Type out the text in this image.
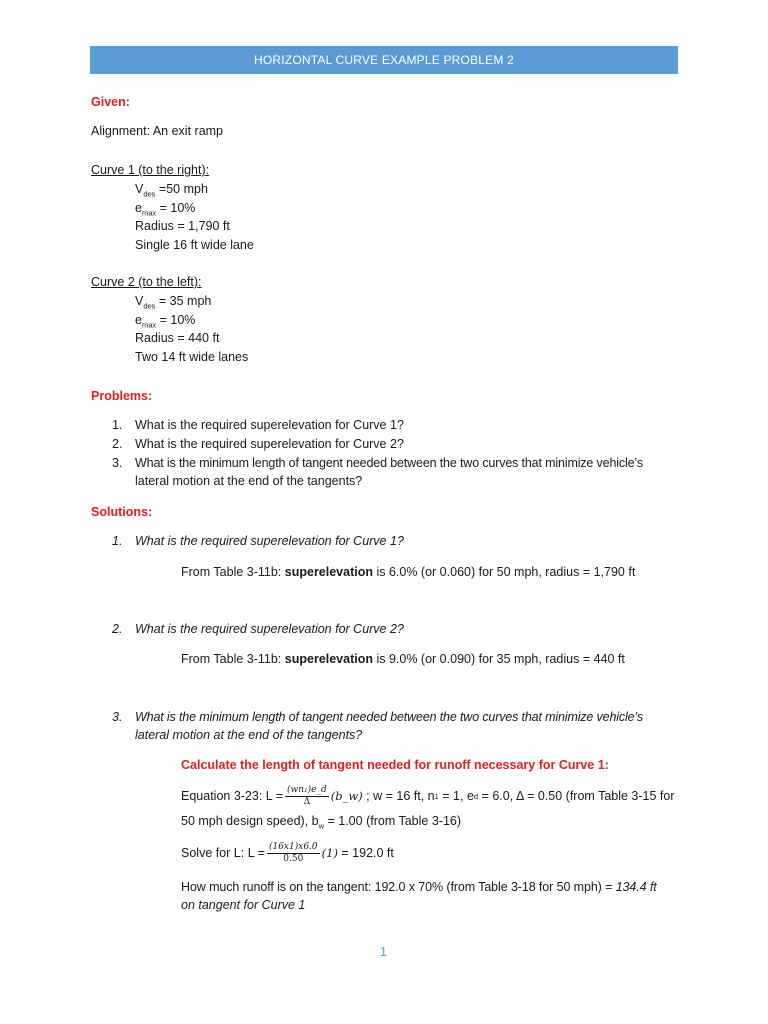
HORIZONTAL CURVE EXAMPLE PROBLEM 2
Given:
Alignment: An exit ramp
Curve 1 (to the right):
$V_{des} =50$ mph
$e_{max} = 10\%$
Radius = 1,790 ft
Single 16 ft wide lane
Curve 2 (to the left):
$V_{des} = 35$ mph
$e_{max} = 10\%$
Radius = 440 ft
Two 14 ft wide lanes
Problems:
1. What is the required superelevation for Curve 1?
2. What is the required superelevation for Curve 2?
3. What is the minimum length of tangent needed between the two curves that minimize vehicle’s
lateral motion at the end of the tangents?
Solutions:
1. What is the required superelevation for Curve 1?
From Table 3-11b: superelevation is 6.0% (or 0.060) for 50 mph, radius = 1,790 ft
2. What is the required superelevation for Curve 2?
From Table 3-11b: superelevation is 9.0% (or 0.090) for 35 mph, radius = 440 ft
3. What is the minimum length of tangent needed between the two curves that minimize vehicle’s
lateral motion at the end of the tangents?
Calculate the length of tangent needed for runoff necessary for Curve 1:
Equation 3-23: $L = \frac{\text{(wn₁)e\_d}}{\Delta}$ (b_w) ; w = 16 ft, n 1 = 1, e d = 6.0, Δ = 0.50 (from Table 3-15 for
50 mph design speed), $b_w = 1.00$ (from Table 3-16)
Solve for L: $L = \frac{(16x1)x6.0}{0.50} (1) = 192.0$ ft
How much runoff is on the tangent: 192.0 x 70% (from Table 3-18 for 50 mph) = 134.4 ft
on tangent for Curve 1
1
